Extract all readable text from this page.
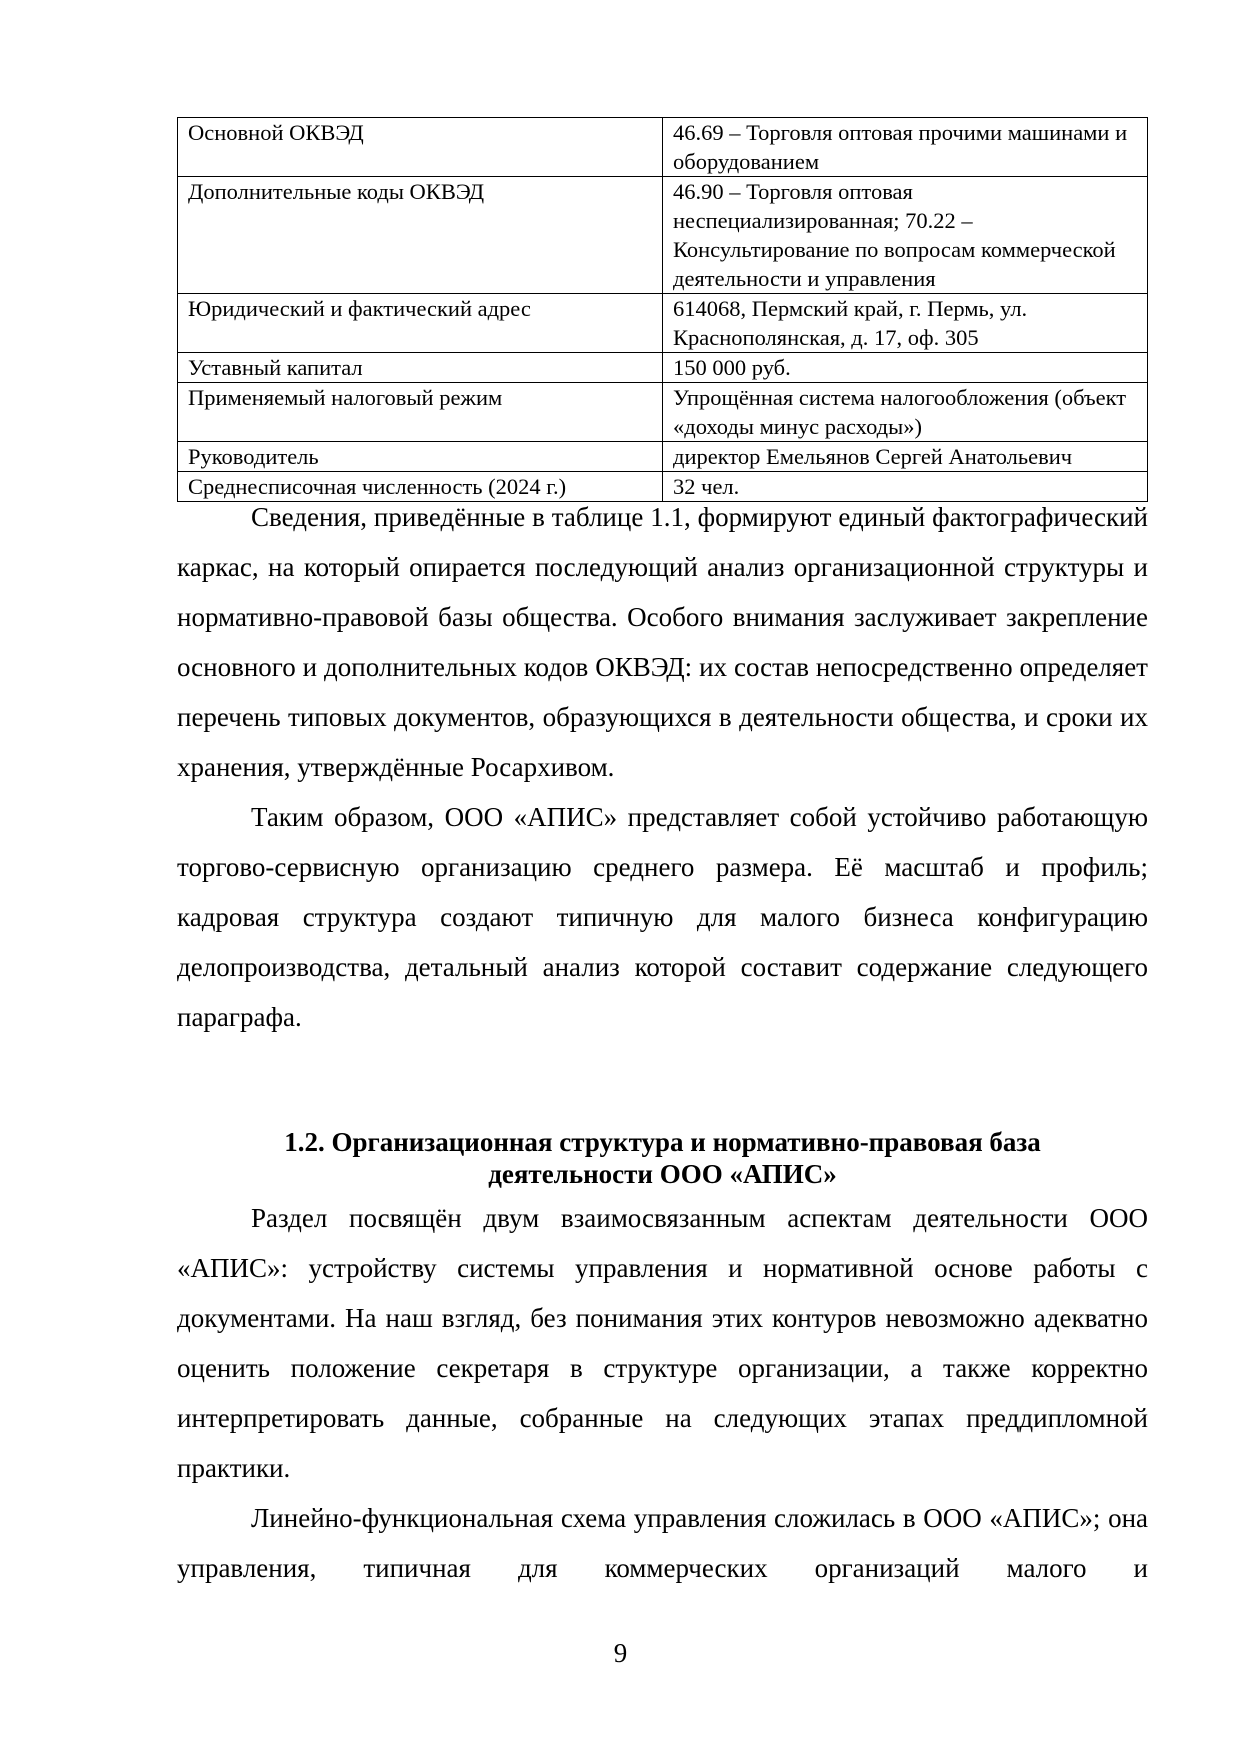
Основной ОКВЭД	46.69 – Торговля оптовая прочими машинами и оборудованием
Дополнительные коды ОКВЭД	46.90 – Торговля оптовая неспециализированная; 70.22 – Консультирование по вопросам коммерческой деятельности и управления
Юридический и фактический адрес	614068, Пермский край, г. Пермь, ул. Краснополянская, д. 17, оф. 305
Уставный капитал	150 000 руб.
Применяемый налоговый режим	Упрощённая система налогообложения (объект «доходы минус расходы»)
Руководитель	директор Емельянов Сергей Анатольевич
Среднесписочная численность (2024 г.)	32 чел.

Сведения, приведённые в таблице 1.1, формируют единый фактографический каркас, на который опирается последующий анализ организационной структуры и нормативно-правовой базы общества. Особого внимания заслуживает закрепление основного и дополнительных кодов ОКВЭД: их состав непосредственно определяет перечень типовых документов, образующихся в деятельности общества, и сроки их хранения, утверждённые Росархивом.

Таким образом, ООО «АПИС» представляет собой устойчиво работающую торгово-сервисную организацию среднего размера. Её масштаб и профиль; кадровая структура создают типичную для малого бизнеса конфигурацию делопроизводства, детальный анализ которой составит содержание следующего параграфа.

1.2. Организационная структура и нормативно-правовая база
деятельности ООО «АПИС»

Раздел посвящён двум взаимосвязанным аспектам деятельности ООО «АПИС»: устройству системы управления и нормативной основе работы с документами. На наш взгляд, без понимания этих контуров невозможно адекватно оценить положение секретаря в структуре организации, а также корректно интерпретировать данные, собранные на следующих этапах преддипломной практики.

Линейно-функциональная схема управления сложилась в ООО «АПИС»; она управления, типичная для коммерческих организаций малого и

9
